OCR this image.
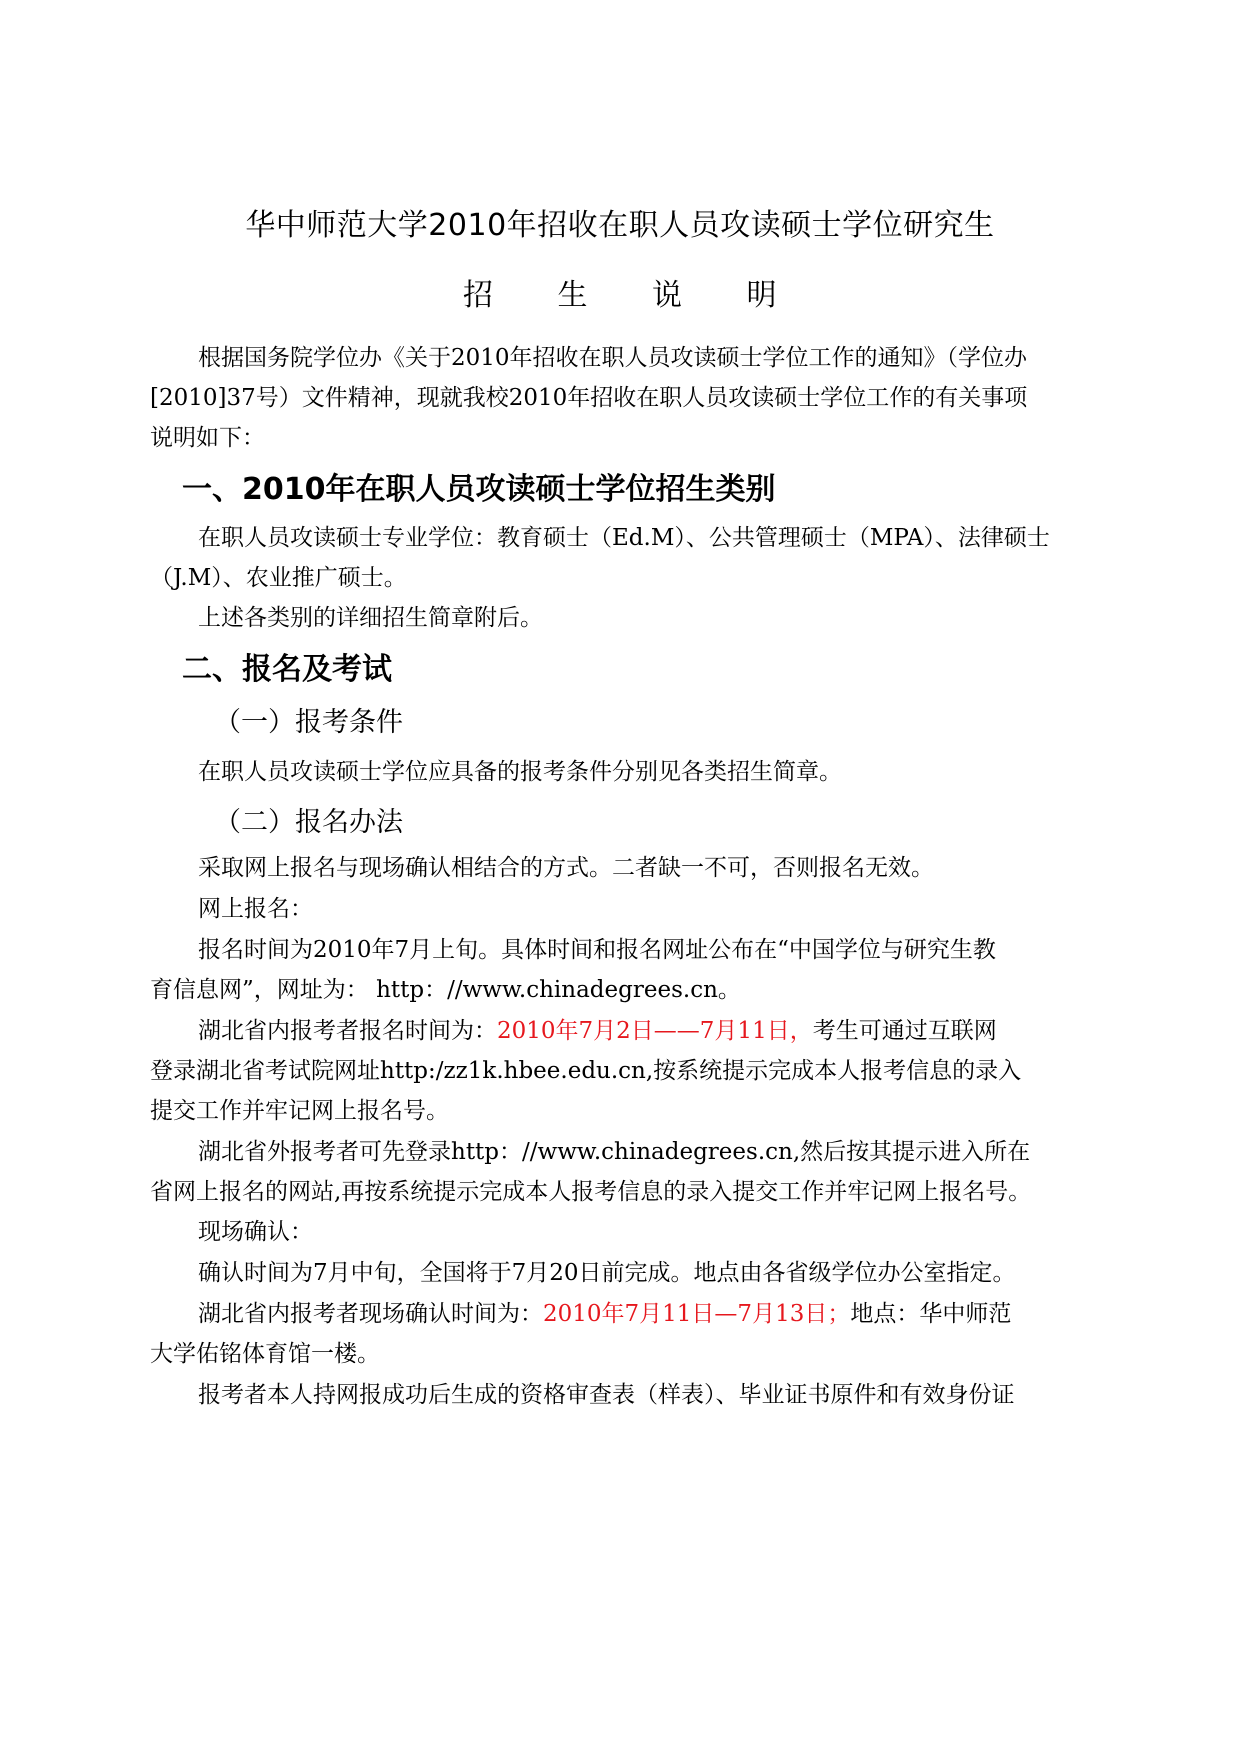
华中师范大学2010年招收在职人员攻读硕士学位研究生
招 生 说 明
根据国务院学位办《关于2010年招收在职人员攻读硕士学位工作的通知》（学位办
[2010]37号）文件精神，现就我校2010年招收在职人员攻读硕士学位工作的有关事项
说明如下：
一、2010年在职人员攻读硕士学位招生类别
在职人员攻读硕士专业学位：教育硕士（Ed.M）、公共管理硕士（MPA）、法律硕士
（J.M）、农业推广硕士。
上述各类别的详细招生简章附后。
二、报名及考试
（一）报考条件
在职人员攻读硕士学位应具备的报考条件分别见各类招生简章。
（二）报名办法
采取网上报名与现场确认相结合的方式。二者缺一不可，否则报名无效。
网上报名：
报名时间为2010年7月上旬。具体时间和报名网址公布在“中国学位与研究生教
育信息网”，网址为： http：//www.chinadegrees.cn。
湖北省内报考者报名时间为：2010年7月2日——7月11日，考生可通过互联网
登录湖北省考试院网址http:/zz1k.hbee.edu.cn,按系统提示完成本人报考信息的录入
提交工作并牢记网上报名号。
湖北省外报考者可先登录http：//www.chinadegrees.cn,然后按其提示进入所在
省网上报名的网站,再按系统提示完成本人报考信息的录入提交工作并牢记网上报名号。
现场确认：
确认时间为7月中旬，全国将于7月20日前完成。地点由各省级学位办公室指定。
湖北省内报考者现场确认时间为：2010年7月11日—7月13日；地点：华中师范
大学佑铭体育馆一楼。
报考者本人持网报成功后生成的资格审查表（样表）、毕业证书原件和有效身份证
